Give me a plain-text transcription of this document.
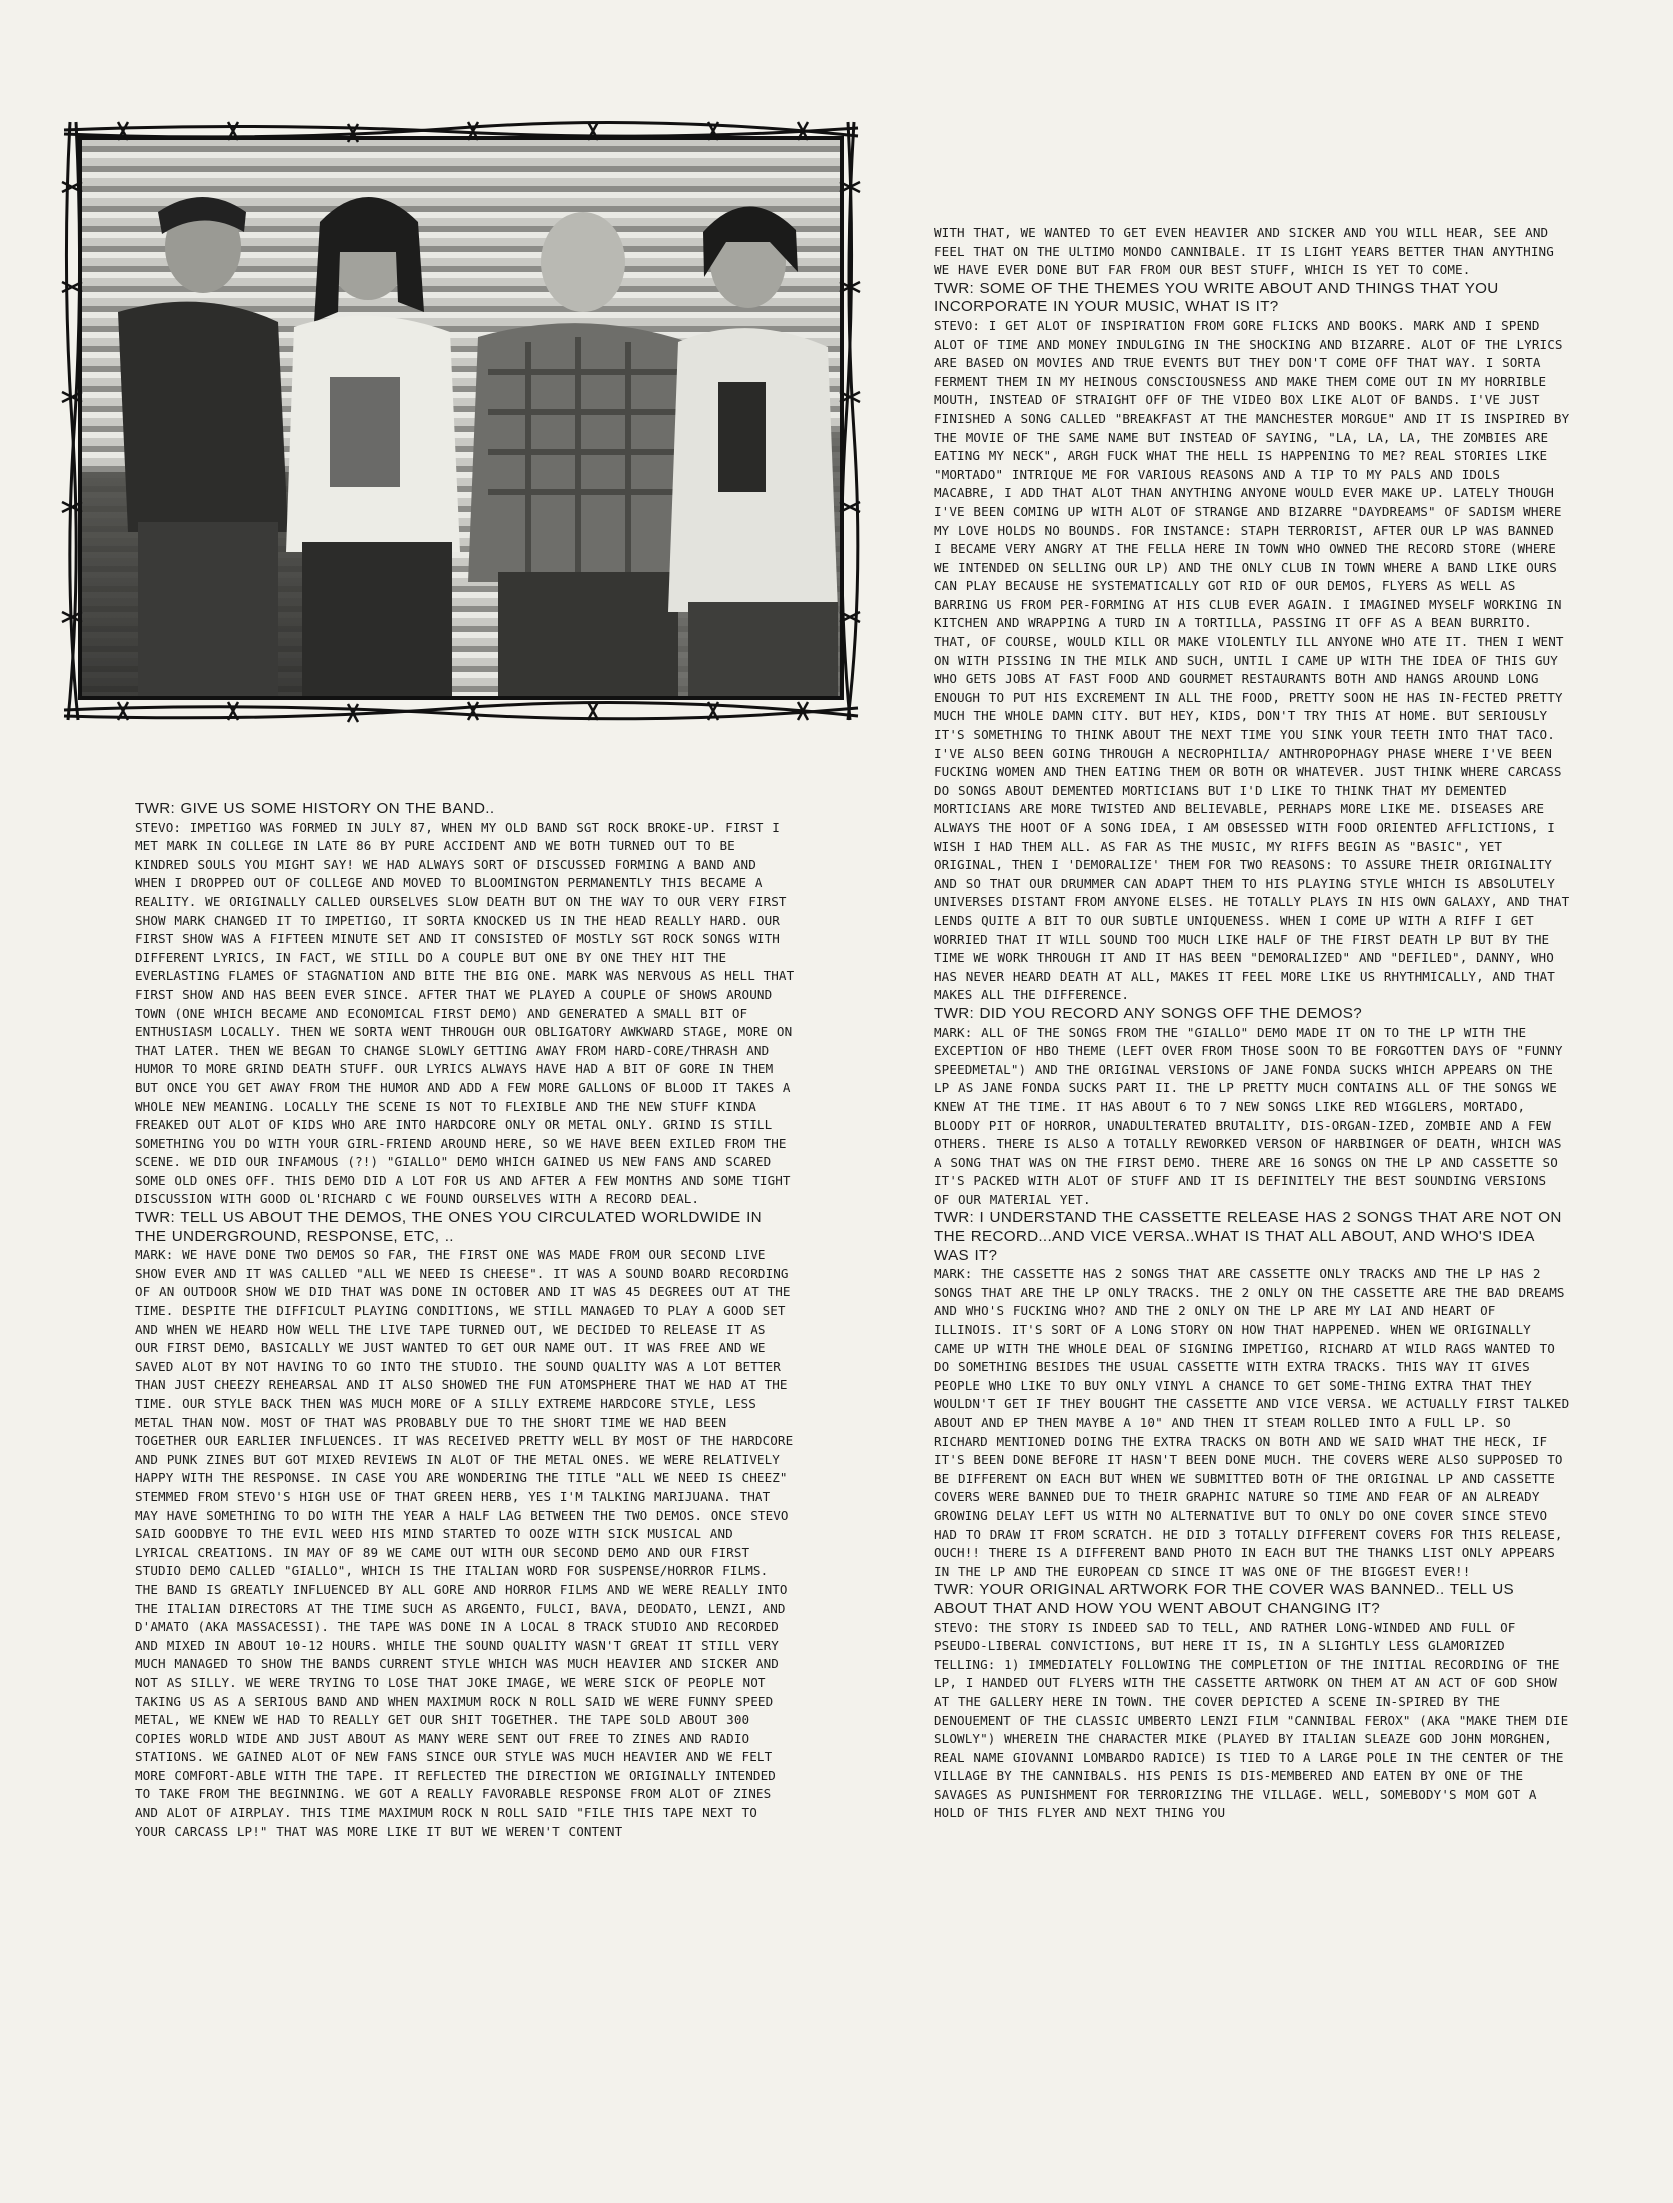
TWR: GIVE US SOME HISTORY ON THE BAND..

STEVO: IMPETIGO WAS FORMED IN JULY 87, WHEN MY OLD BAND SGT ROCK BROKE-UP. FIRST I MET MARK IN COLLEGE IN LATE 86 BY PURE ACCIDENT AND WE BOTH TURNED OUT TO BE KINDRED SOULS YOU MIGHT SAY! WE HAD ALWAYS SORT OF DISCUSSED FORMING A BAND AND WHEN I DROPPED OUT OF COLLEGE AND MOVED TO BLOOMINGTON PERMANENTLY THIS BECAME A REALITY. WE ORIGINALLY CALLED OURSELVES SLOW DEATH BUT ON THE WAY TO OUR VERY FIRST SHOW MARK CHANGED IT TO IMPETIGO, IT SORTA KNOCKED US IN THE HEAD REALLY HARD. OUR FIRST SHOW WAS A FIFTEEN MINUTE SET AND IT CONSISTED OF MOSTLY SGT ROCK SONGS WITH DIFFERENT LYRICS, IN FACT, WE STILL DO A COUPLE BUT ONE BY ONE THEY HIT THE EVERLASTING FLAMES OF STAGNATION AND BITE THE BIG ONE. MARK WAS NERVOUS AS HELL THAT FIRST SHOW AND HAS BEEN EVER SINCE. AFTER THAT WE PLAYED A COUPLE OF SHOWS AROUND TOWN (ONE WHICH BECAME AND ECONOMICAL FIRST DEMO) AND GENERATED A SMALL BIT OF ENTHUSIASM LOCALLY. THEN WE SORTA WENT THROUGH OUR OBLIGATORY AWKWARD STAGE, MORE ON THAT LATER. THEN WE BEGAN TO CHANGE SLOWLY GETTING AWAY FROM HARD-CORE/THRASH AND HUMOR TO MORE GRIND DEATH STUFF. OUR LYRICS ALWAYS HAVE HAD A BIT OF GORE IN THEM BUT ONCE YOU GET AWAY FROM THE HUMOR AND ADD A FEW MORE GALLONS OF BLOOD IT TAKES A WHOLE NEW MEANING. LOCALLY THE SCENE IS NOT TO FLEXIBLE AND THE NEW STUFF KINDA FREAKED OUT ALOT OF KIDS WHO ARE INTO HARDCORE ONLY OR METAL ONLY. GRIND IS STILL SOMETHING YOU DO WITH YOUR GIRL-FRIEND AROUND HERE, SO WE HAVE BEEN EXILED FROM THE SCENE. WE DID OUR INFAMOUS (?!) "GIALLO" DEMO WHICH GAINED US NEW FANS AND SCARED SOME OLD ONES OFF. THIS DEMO DID A LOT FOR US AND AFTER A FEW MONTHS AND SOME TIGHT DISCUSSION WITH GOOD OL'RICHARD C WE FOUND OURSELVES WITH A RECORD DEAL.

TWR: TELL US ABOUT THE DEMOS, THE ONES YOU CIRCULATED WORLDWIDE IN THE UNDERGROUND, RESPONSE, ETC, ..

MARK: WE HAVE DONE TWO DEMOS SO FAR, THE FIRST ONE WAS MADE FROM OUR SECOND LIVE SHOW EVER AND IT WAS CALLED "ALL WE NEED IS CHEESE". IT WAS A SOUND BOARD RECORDING OF AN OUTDOOR SHOW WE DID THAT WAS DONE IN OCTOBER AND IT WAS 45 DEGREES OUT AT THE TIME. DESPITE THE DIFFICULT PLAYING CONDITIONS, WE STILL MANAGED TO PLAY A GOOD SET AND WHEN WE HEARD HOW WELL THE LIVE TAPE TURNED OUT, WE DECIDED TO RELEASE IT AS OUR FIRST DEMO, BASICALLY WE JUST WANTED TO GET OUR NAME OUT. IT WAS FREE AND WE SAVED ALOT BY NOT HAVING TO GO INTO THE STUDIO. THE SOUND QUALITY WAS A LOT BETTER THAN JUST CHEEZY REHEARSAL AND IT ALSO SHOWED THE FUN ATOMSPHERE THAT WE HAD AT THE TIME. OUR STYLE BACK THEN WAS MUCH MORE OF A SILLY EXTREME HARDCORE STYLE, LESS METAL THAN NOW. MOST OF THAT WAS PROBABLY DUE TO THE SHORT TIME WE HAD BEEN TOGETHER OUR EARLIER INFLUENCES. IT WAS RECEIVED PRETTY WELL BY MOST OF THE HARDCORE AND PUNK ZINES BUT GOT MIXED REVIEWS IN ALOT OF THE METAL ONES. WE WERE RELATIVELY HAPPY WITH THE RESPONSE. IN CASE YOU ARE WONDERING THE TITLE "ALL WE NEED IS CHEEZ" STEMMED FROM STEVO'S HIGH USE OF THAT GREEN HERB, YES I'M TALKING MARIJUANA. THAT MAY HAVE SOMETHING TO DO WITH THE YEAR A HALF LAG BETWEEN THE TWO DEMOS. ONCE STEVO SAID GOODBYE TO THE EVIL WEED HIS MIND STARTED TO OOZE WITH SICK MUSICAL AND LYRICAL CREATIONS. IN MAY OF 89 WE CAME OUT WITH OUR SECOND DEMO AND OUR FIRST STUDIO DEMO CALLED "GIALLO", WHICH IS THE ITALIAN WORD FOR SUSPENSE/HORROR FILMS. THE BAND IS GREATLY INFLUENCED BY ALL GORE AND HORROR FILMS AND WE WERE REALLY INTO THE ITALIAN DIRECTORS AT THE TIME SUCH AS ARGENTO, FULCI, BAVA, DEODATO, LENZI, AND D'AMATO (AKA MASSACESSI). THE TAPE WAS DONE IN A LOCAL 8 TRACK STUDIO AND RECORDED AND MIXED IN ABOUT 10-12 HOURS. WHILE THE SOUND QUALITY WASN'T GREAT IT STILL VERY MUCH MANAGED TO SHOW THE BANDS CURRENT STYLE WHICH WAS MUCH HEAVIER AND SICKER AND NOT AS SILLY. WE WERE TRYING TO LOSE THAT JOKE IMAGE, WE WERE SICK OF PEOPLE NOT TAKING US AS A SERIOUS BAND AND WHEN MAXIMUM ROCK N ROLL SAID WE WERE FUNNY SPEED METAL, WE KNEW WE HAD TO REALLY GET OUR SHIT TOGETHER. THE TAPE SOLD ABOUT 300 COPIES WORLD WIDE AND JUST ABOUT AS MANY WERE SENT OUT FREE TO ZINES AND RADIO STATIONS. WE GAINED ALOT OF NEW FANS SINCE OUR STYLE WAS MUCH HEAVIER AND WE FELT MORE COMFORT-ABLE WITH THE TAPE. IT REFLECTED THE DIRECTION WE ORIGINALLY INTENDED TO TAKE FROM THE BEGINNING. WE GOT A REALLY FAVORABLE RESPONSE FROM ALOT OF ZINES AND ALOT OF AIRPLAY. THIS TIME MAXIMUM ROCK N ROLL SAID "FILE THIS TAPE NEXT TO YOUR CARCASS LP!" THAT WAS MORE LIKE IT BUT WE WEREN'T CONTENT

WITH THAT, WE WANTED TO GET EVEN HEAVIER AND SICKER AND YOU WILL HEAR, SEE AND FEEL THAT ON THE ULTIMO MONDO CANNIBALE. IT IS LIGHT YEARS BETTER THAN ANYTHING WE HAVE EVER DONE BUT FAR FROM OUR BEST STUFF, WHICH IS YET TO COME.

TWR: SOME OF THE THEMES YOU WRITE ABOUT AND THINGS THAT YOU INCORPORATE IN YOUR MUSIC, WHAT IS IT?

STEVO: I GET ALOT OF INSPIRATION FROM GORE FLICKS AND BOOKS. MARK AND I SPEND ALOT OF TIME AND MONEY INDULGING IN THE SHOCKING AND BIZARRE. ALOT OF THE LYRICS ARE BASED ON MOVIES AND TRUE EVENTS BUT THEY DON'T COME OFF THAT WAY. I SORTA FERMENT THEM IN MY HEINOUS CONSCIOUSNESS AND MAKE THEM COME OUT IN MY HORRIBLE MOUTH, INSTEAD OF STRAIGHT OFF OF THE VIDEO BOX LIKE ALOT OF BANDS. I'VE JUST FINISHED A SONG CALLED "BREAKFAST AT THE MANCHESTER MORGUE" AND IT IS INSPIRED BY THE MOVIE OF THE SAME NAME BUT INSTEAD OF SAYING, "LA, LA, LA, THE ZOMBIES ARE EATING MY NECK", ARGH FUCK WHAT THE HELL IS HAPPENING TO ME? REAL STORIES LIKE "MORTADO" INTRIQUE ME FOR VARIOUS REASONS AND A TIP TO MY PALS AND IDOLS MACABRE, I ADD THAT ALOT THAN ANYTHING ANYONE WOULD EVER MAKE UP. LATELY THOUGH I'VE BEEN COMING UP WITH ALOT OF STRANGE AND BIZARRE "DAYDREAMS" OF SADISM WHERE MY LOVE HOLDS NO BOUNDS. FOR INSTANCE: STAPH TERRORIST, AFTER OUR LP WAS BANNED I BECAME VERY ANGRY AT THE FELLA HERE IN TOWN WHO OWNED THE RECORD STORE (WHERE WE INTENDED ON SELLING OUR LP) AND THE ONLY CLUB IN TOWN WHERE A BAND LIKE OURS CAN PLAY BECAUSE HE SYSTEMATICALLY GOT RID OF OUR DEMOS, FLYERS AS WELL AS BARRING US FROM PER-FORMING AT HIS CLUB EVER AGAIN. I IMAGINED MYSELF WORKING IN KITCHEN AND WRAPPING A TURD IN A TORTILLA, PASSING IT OFF AS A BEAN BURRITO. THAT, OF COURSE, WOULD KILL OR MAKE VIOLENTLY ILL ANYONE WHO ATE IT. THEN I WENT ON WITH PISSING IN THE MILK AND SUCH, UNTIL I CAME UP WITH THE IDEA OF THIS GUY WHO GETS JOBS AT FAST FOOD AND GOURMET RESTAURANTS BOTH AND HANGS AROUND LONG ENOUGH TO PUT HIS EXCREMENT IN ALL THE FOOD, PRETTY SOON HE HAS IN-FECTED PRETTY MUCH THE WHOLE DAMN CITY. BUT HEY, KIDS, DON'T TRY THIS AT HOME. BUT SERIOUSLY IT'S SOMETHING TO THINK ABOUT THE NEXT TIME YOU SINK YOUR TEETH INTO THAT TACO. I'VE ALSO BEEN GOING THROUGH A NECROPHILIA/ ANTHROPOPHAGY PHASE WHERE I'VE BEEN FUCKING WOMEN AND THEN EATING THEM OR BOTH OR WHATEVER. JUST THINK WHERE CARCASS DO SONGS ABOUT DEMENTED MORTICIANS BUT I'D LIKE TO THINK THAT MY DEMENTED MORTICIANS ARE MORE TWISTED AND BELIEVABLE, PERHAPS MORE LIKE ME. DISEASES ARE ALWAYS THE HOOT OF A SONG IDEA, I AM OBSESSED WITH FOOD ORIENTED AFFLICTIONS, I WISH I HAD THEM ALL. AS FAR AS THE MUSIC, MY RIFFS BEGIN AS "BASIC", YET ORIGINAL, THEN I 'DEMORALIZE' THEM FOR TWO REASONS: TO ASSURE THEIR ORIGINALITY AND SO THAT OUR DRUMMER CAN ADAPT THEM TO HIS PLAYING STYLE WHICH IS ABSOLUTELY UNIVERSES DISTANT FROM ANYONE ELSES. HE TOTALLY PLAYS IN HIS OWN GALAXY, AND THAT LENDS QUITE A BIT TO OUR SUBTLE UNIQUENESS. WHEN I COME UP WITH A RIFF I GET WORRIED THAT IT WILL SOUND TOO MUCH LIKE HALF OF THE FIRST DEATH LP BUT BY THE TIME WE WORK THROUGH IT AND IT HAS BEEN "DEMORALIZED" AND "DEFILED", DANNY, WHO HAS NEVER HEARD DEATH AT ALL, MAKES IT FEEL MORE LIKE US RHYTHMICALLY, AND THAT MAKES ALL THE DIFFERENCE.

TWR: DID YOU RECORD ANY SONGS OFF THE DEMOS?

MARK: ALL OF THE SONGS FROM THE "GIALLO" DEMO MADE IT ON TO THE LP WITH THE EXCEPTION OF HBO THEME (LEFT OVER FROM THOSE SOON TO BE FORGOTTEN DAYS OF "FUNNY SPEEDMETAL") AND THE ORIGINAL VERSIONS OF JANE FONDA SUCKS WHICH APPEARS ON THE LP AS JANE FONDA SUCKS PART II. THE LP PRETTY MUCH CONTAINS ALL OF THE SONGS WE KNEW AT THE TIME. IT HAS ABOUT 6 TO 7 NEW SONGS LIKE RED WIGGLERS, MORTADO, BLOODY PIT OF HORROR, UNADULTERATED BRUTALITY, DIS-ORGAN-IZED, ZOMBIE AND A FEW OTHERS. THERE IS ALSO A TOTALLY REWORKED VERSON OF HARBINGER OF DEATH, WHICH WAS A SONG THAT WAS ON THE FIRST DEMO. THERE ARE 16 SONGS ON THE LP AND CASSETTE SO IT'S PACKED WITH ALOT OF STUFF AND IT IS DEFINITELY THE BEST SOUNDING VERSIONS OF OUR MATERIAL YET.

TWR: I UNDERSTAND THE CASSETTE RELEASE HAS 2 SONGS THAT ARE NOT ON THE RECORD...AND VICE VERSA..WHAT IS THAT ALL ABOUT, AND WHO'S IDEA WAS IT?

MARK: THE CASSETTE HAS 2 SONGS THAT ARE CASSETTE ONLY TRACKS AND THE LP HAS 2 SONGS THAT ARE THE LP ONLY TRACKS. THE 2 ONLY ON THE CASSETTE ARE THE BAD DREAMS AND WHO'S FUCKING WHO? AND THE 2 ONLY ON THE LP ARE MY LAI AND HEART OF ILLINOIS. IT'S SORT OF A LONG STORY ON HOW THAT HAPPENED. WHEN WE ORIGINALLY CAME UP WITH THE WHOLE DEAL OF SIGNING IMPETIGO, RICHARD AT WILD RAGS WANTED TO DO SOMETHING BESIDES THE USUAL CASSETTE WITH EXTRA TRACKS. THIS WAY IT GIVES PEOPLE WHO LIKE TO BUY ONLY VINYL A CHANCE TO GET SOME-THING EXTRA THAT THEY WOULDN'T GET IF THEY BOUGHT THE CASSETTE AND VICE VERSA. WE ACTUALLY FIRST TALKED ABOUT AND EP THEN MAYBE A 10" AND THEN IT STEAM ROLLED INTO A FULL LP. SO RICHARD MENTIONED DOING THE EXTRA TRACKS ON BOTH AND WE SAID WHAT THE HECK, IF IT'S BEEN DONE BEFORE IT HASN'T BEEN DONE MUCH. THE COVERS WERE ALSO SUPPOSED TO BE DIFFERENT ON EACH BUT WHEN WE SUBMITTED BOTH OF THE ORIGINAL LP AND CASSETTE COVERS WERE BANNED DUE TO THEIR GRAPHIC NATURE SO TIME AND FEAR OF AN ALREADY GROWING DELAY LEFT US WITH NO ALTERNATIVE BUT TO ONLY DO ONE COVER SINCE STEVO HAD TO DRAW IT FROM SCRATCH. HE DID 3 TOTALLY DIFFERENT COVERS FOR THIS RELEASE, OUCH!! THERE IS A DIFFERENT BAND PHOTO IN EACH BUT THE THANKS LIST ONLY APPEARS IN THE LP AND THE EUROPEAN CD SINCE IT WAS ONE OF THE BIGGEST EVER!!

TWR: YOUR ORIGINAL ARTWORK FOR THE COVER WAS BANNED.. TELL US ABOUT THAT AND HOW YOU WENT ABOUT CHANGING IT?

STEVO: THE STORY IS INDEED SAD TO TELL, AND RATHER LONG-WINDED AND FULL OF PSEUDO-LIBERAL CONVICTIONS, BUT HERE IT IS, IN A SLIGHTLY LESS GLAMORIZED TELLING: 1) IMMEDIATELY FOLLOWING THE COMPLETION OF THE INITIAL RECORDING OF THE LP, I HANDED OUT FLYERS WITH THE CASSETTE ARTWORK ON THEM AT AN ACT OF GOD SHOW AT THE GALLERY HERE IN TOWN. THE COVER DEPICTED A SCENE IN-SPIRED BY THE DENOUEMENT OF THE CLASSIC UMBERTO LENZI FILM "CANNIBAL FEROX" (AKA "MAKE THEM DIE SLOWLY") WHEREIN THE CHARACTER MIKE (PLAYED BY ITALIAN SLEAZE GOD JOHN MORGHEN, REAL NAME GIOVANNI LOMBARDO RADICE) IS TIED TO A LARGE POLE IN THE CENTER OF THE VILLAGE BY THE CANNIBALS. HIS PENIS IS DIS-MEMBERED AND EATEN BY ONE OF THE SAVAGES AS PUNISHMENT FOR TERRORIZING THE VILLAGE. WELL, SOMEBODY'S MOM GOT A HOLD OF THIS FLYER AND NEXT THING YOU
